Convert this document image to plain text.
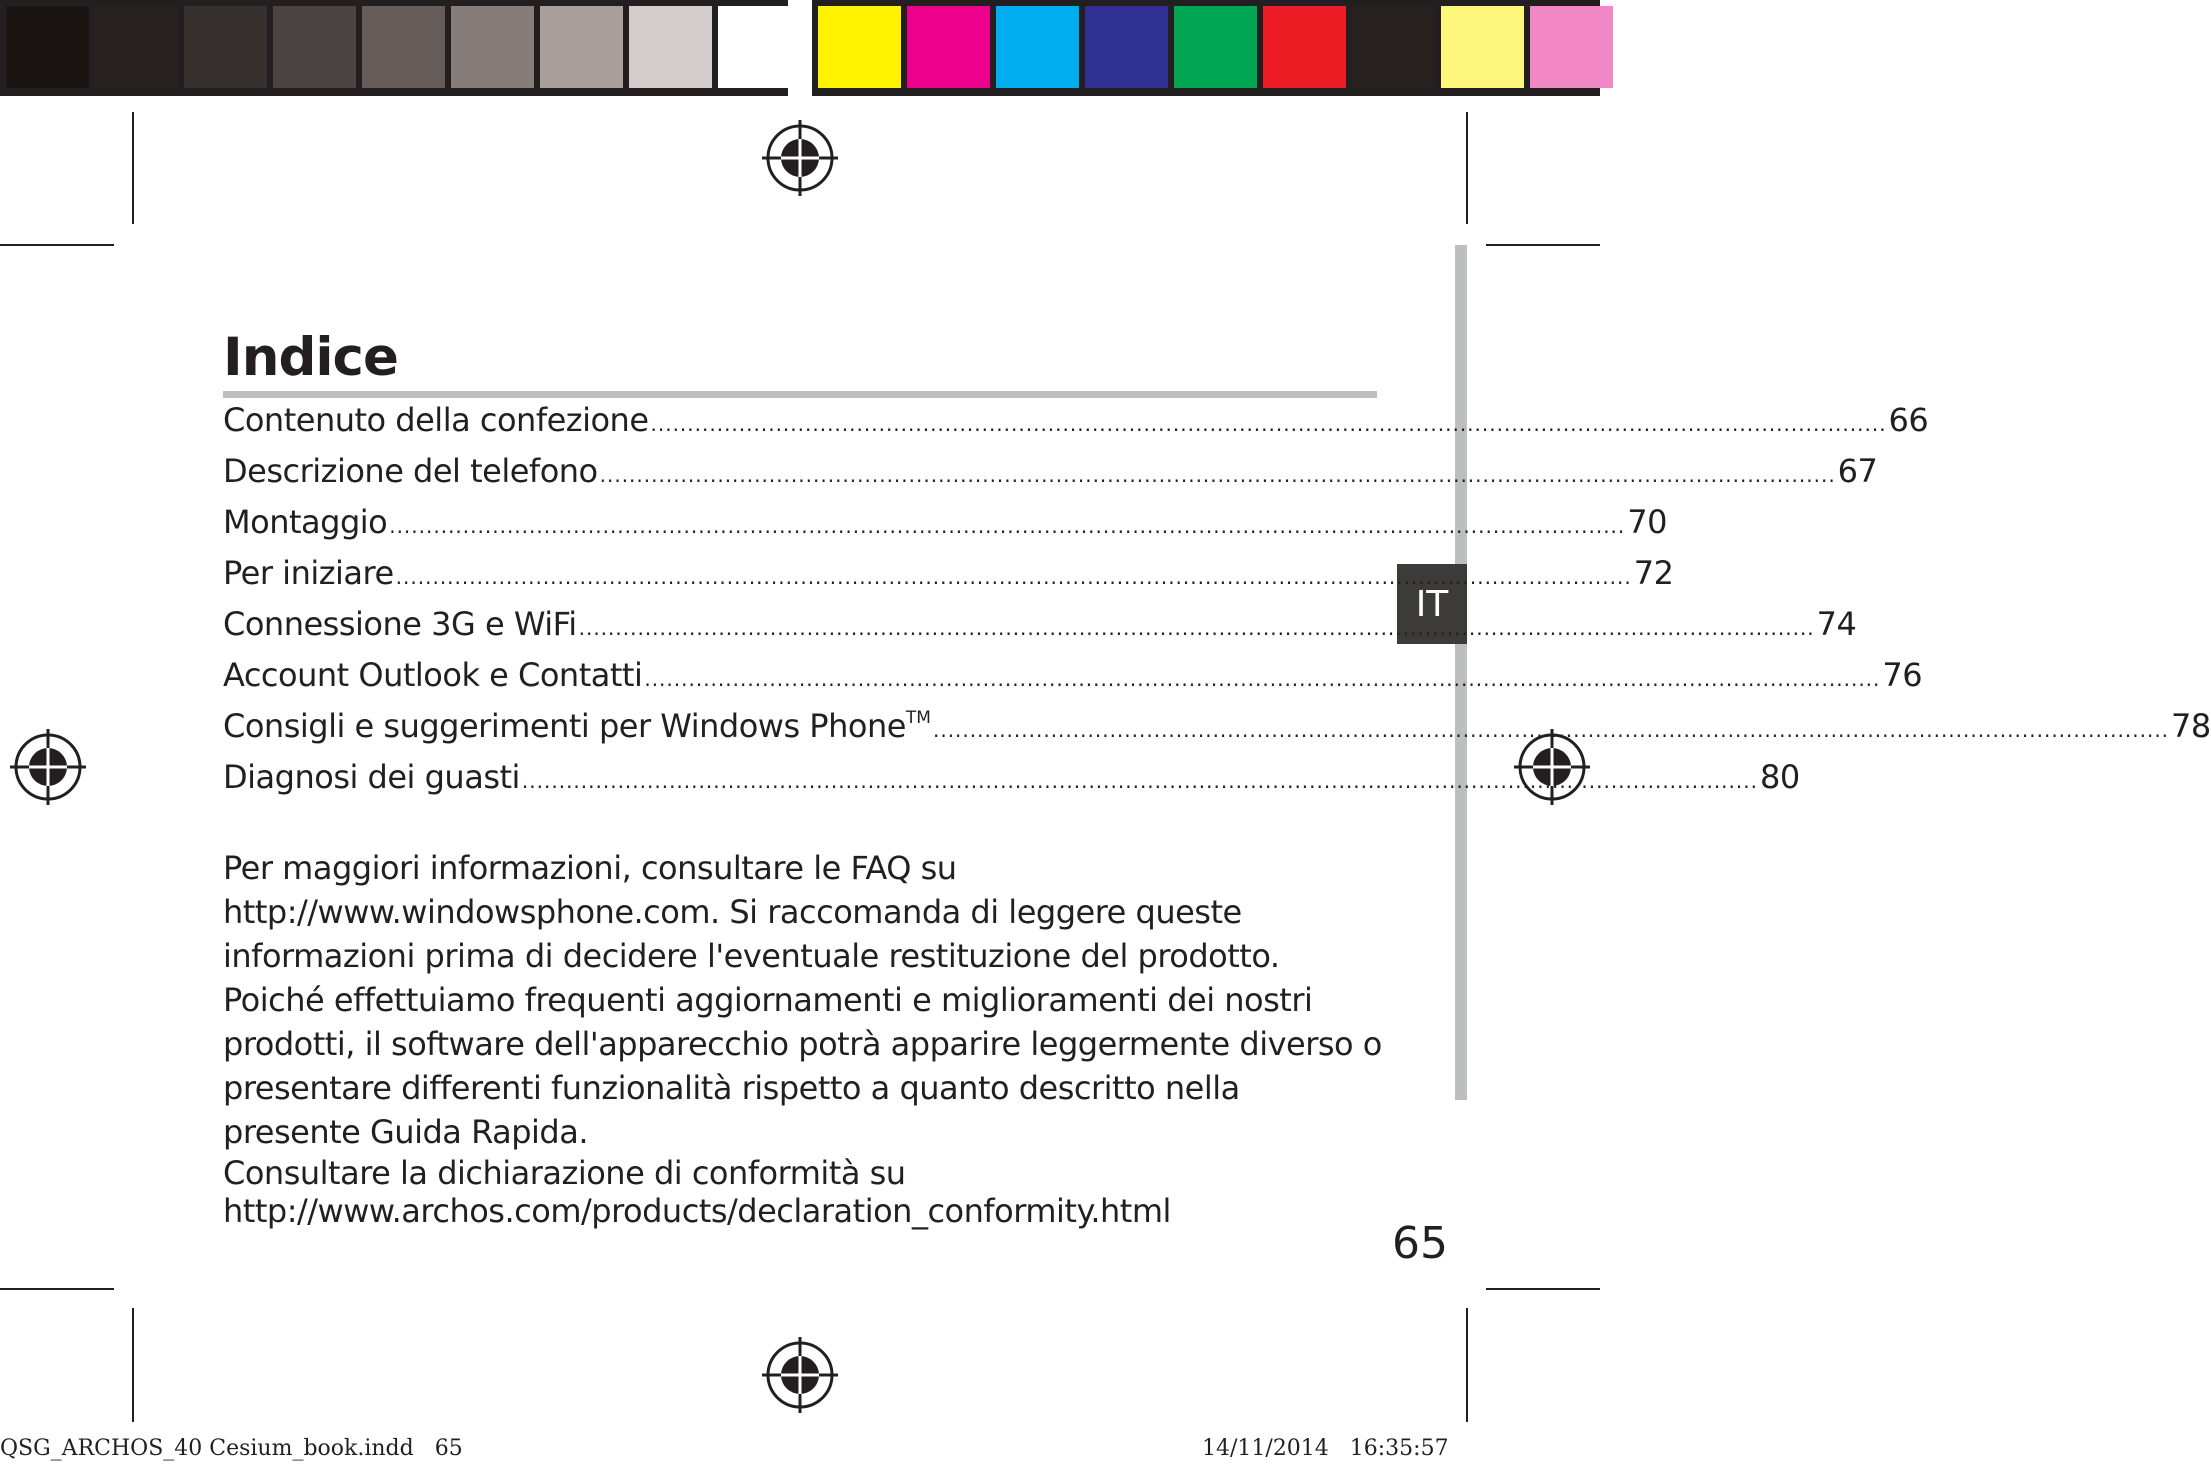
IT
Indice
Contenuto della confezione ........................................................................................................................................................................ 66
Descrizione del telefono ........................................................................................................................................................................ 67
Montaggio ........................................................................................................................................................................ 70
Per iniziare ........................................................................................................................................................................ 72
Connessione 3G e WiFi ........................................................................................................................................................................ 74
Account Outlook e Contatti ........................................................................................................................................................................ 76
Consigli e suggerimenti per Windows Phone™ ........................................................................................................................................................................ 78
Diagnosi dei guasti ........................................................................................................................................................................ 80

Per maggiori informazioni, consultare le FAQ su http://www.windowsphone.com. Si raccomanda di leggere queste informazioni prima di decidere l'eventuale restituzione del prodotto. Poiché effettuiamo frequenti aggiornamenti e miglioramenti dei nostri prodotti, il software dell'apparecchio potrà apparire leggermente diverso o presentare differenti funzionalità rispetto a quanto descritto nella presente Guida Rapida.

Consultare la dichiarazione di conformità su http://www.archos.com/products/declaration_conformity.html

65
QSG_ARCHOS_40 Cesium_book.indd   65	14/11/2014   16:35:57
